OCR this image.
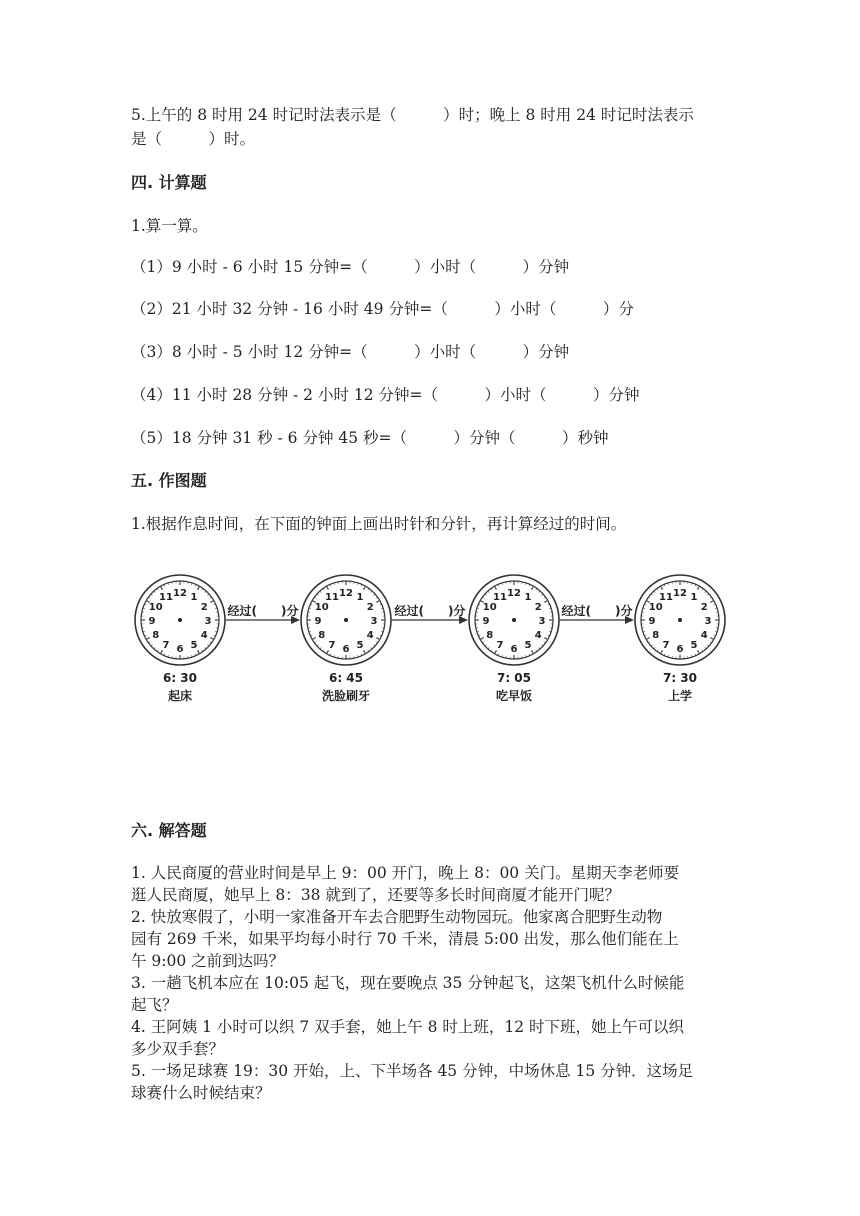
5.上午的 8 时用 24 时记时法表示是（　　　）时；晚上 8 时用 24 时记时法表示
是（　　　）时。
四. 计算题
1.算一算。
（1）9 小时 - 6 小时 15 分钟=（　　　）小时（　　　）分钟
（2）21 小时 32 分钟 - 16 小时 49 分钟=（　　　）小时（　　　）分
（3）8 小时 - 5 小时 12 分钟=（　　　）小时（　　　）分钟
（4）11 小时 28 分钟 - 2 小时 12 分钟=（　　　）小时（　　　）分钟
（5）18 分钟 31 秒 - 6 分钟 45 秒=（　　　）分钟（　　　）秒钟
五. 作图题
1.根据作息时间，在下面的钟面上画出时针和分针，再计算经过的时间。
经过(　　)分	经过(　　)分	经过(　　)分
12 1
2
3
4
5
6
7
8
9
10
11
6: 30
起床
12 1
2
3
4
5
6
7
8
9
10
11
6: 45
洗脸刷牙
12 1
2
3
4
5
6
7
8
9
10
11
7: 05
吃早饭
12 1
2
3
4
5
6
7
8
9
10
11
7: 30
上学
六. 解答题
1. 人民商厦的营业时间是早上 9：00 开门，晚上 8：00 关门。星期天李老师要
逛人民商厦，她早上 8：38 就到了，还要等多长时间商厦才能开门呢？
2. 快放寒假了，小明一家准备开车去合肥野生动物园玩。他家离合肥野生动物
园有 269 千米，如果平均每小时行 70 千米，清晨 5:00 出发，那么他们能在上
午 9:00 之前到达吗？
3. 一趟飞机本应在 10:05 起飞，现在要晚点 35 分钟起飞，这架飞机什么时候能
起飞？
4. 王阿姨 1 小时可以织 7 双手套，她上午 8 时上班，12 时下班，她上午可以织
多少双手套？
5. 一场足球赛 19：30 开始，上、下半场各 45 分钟，中场休息 15 分钟．这场足
球赛什么时候结束？
